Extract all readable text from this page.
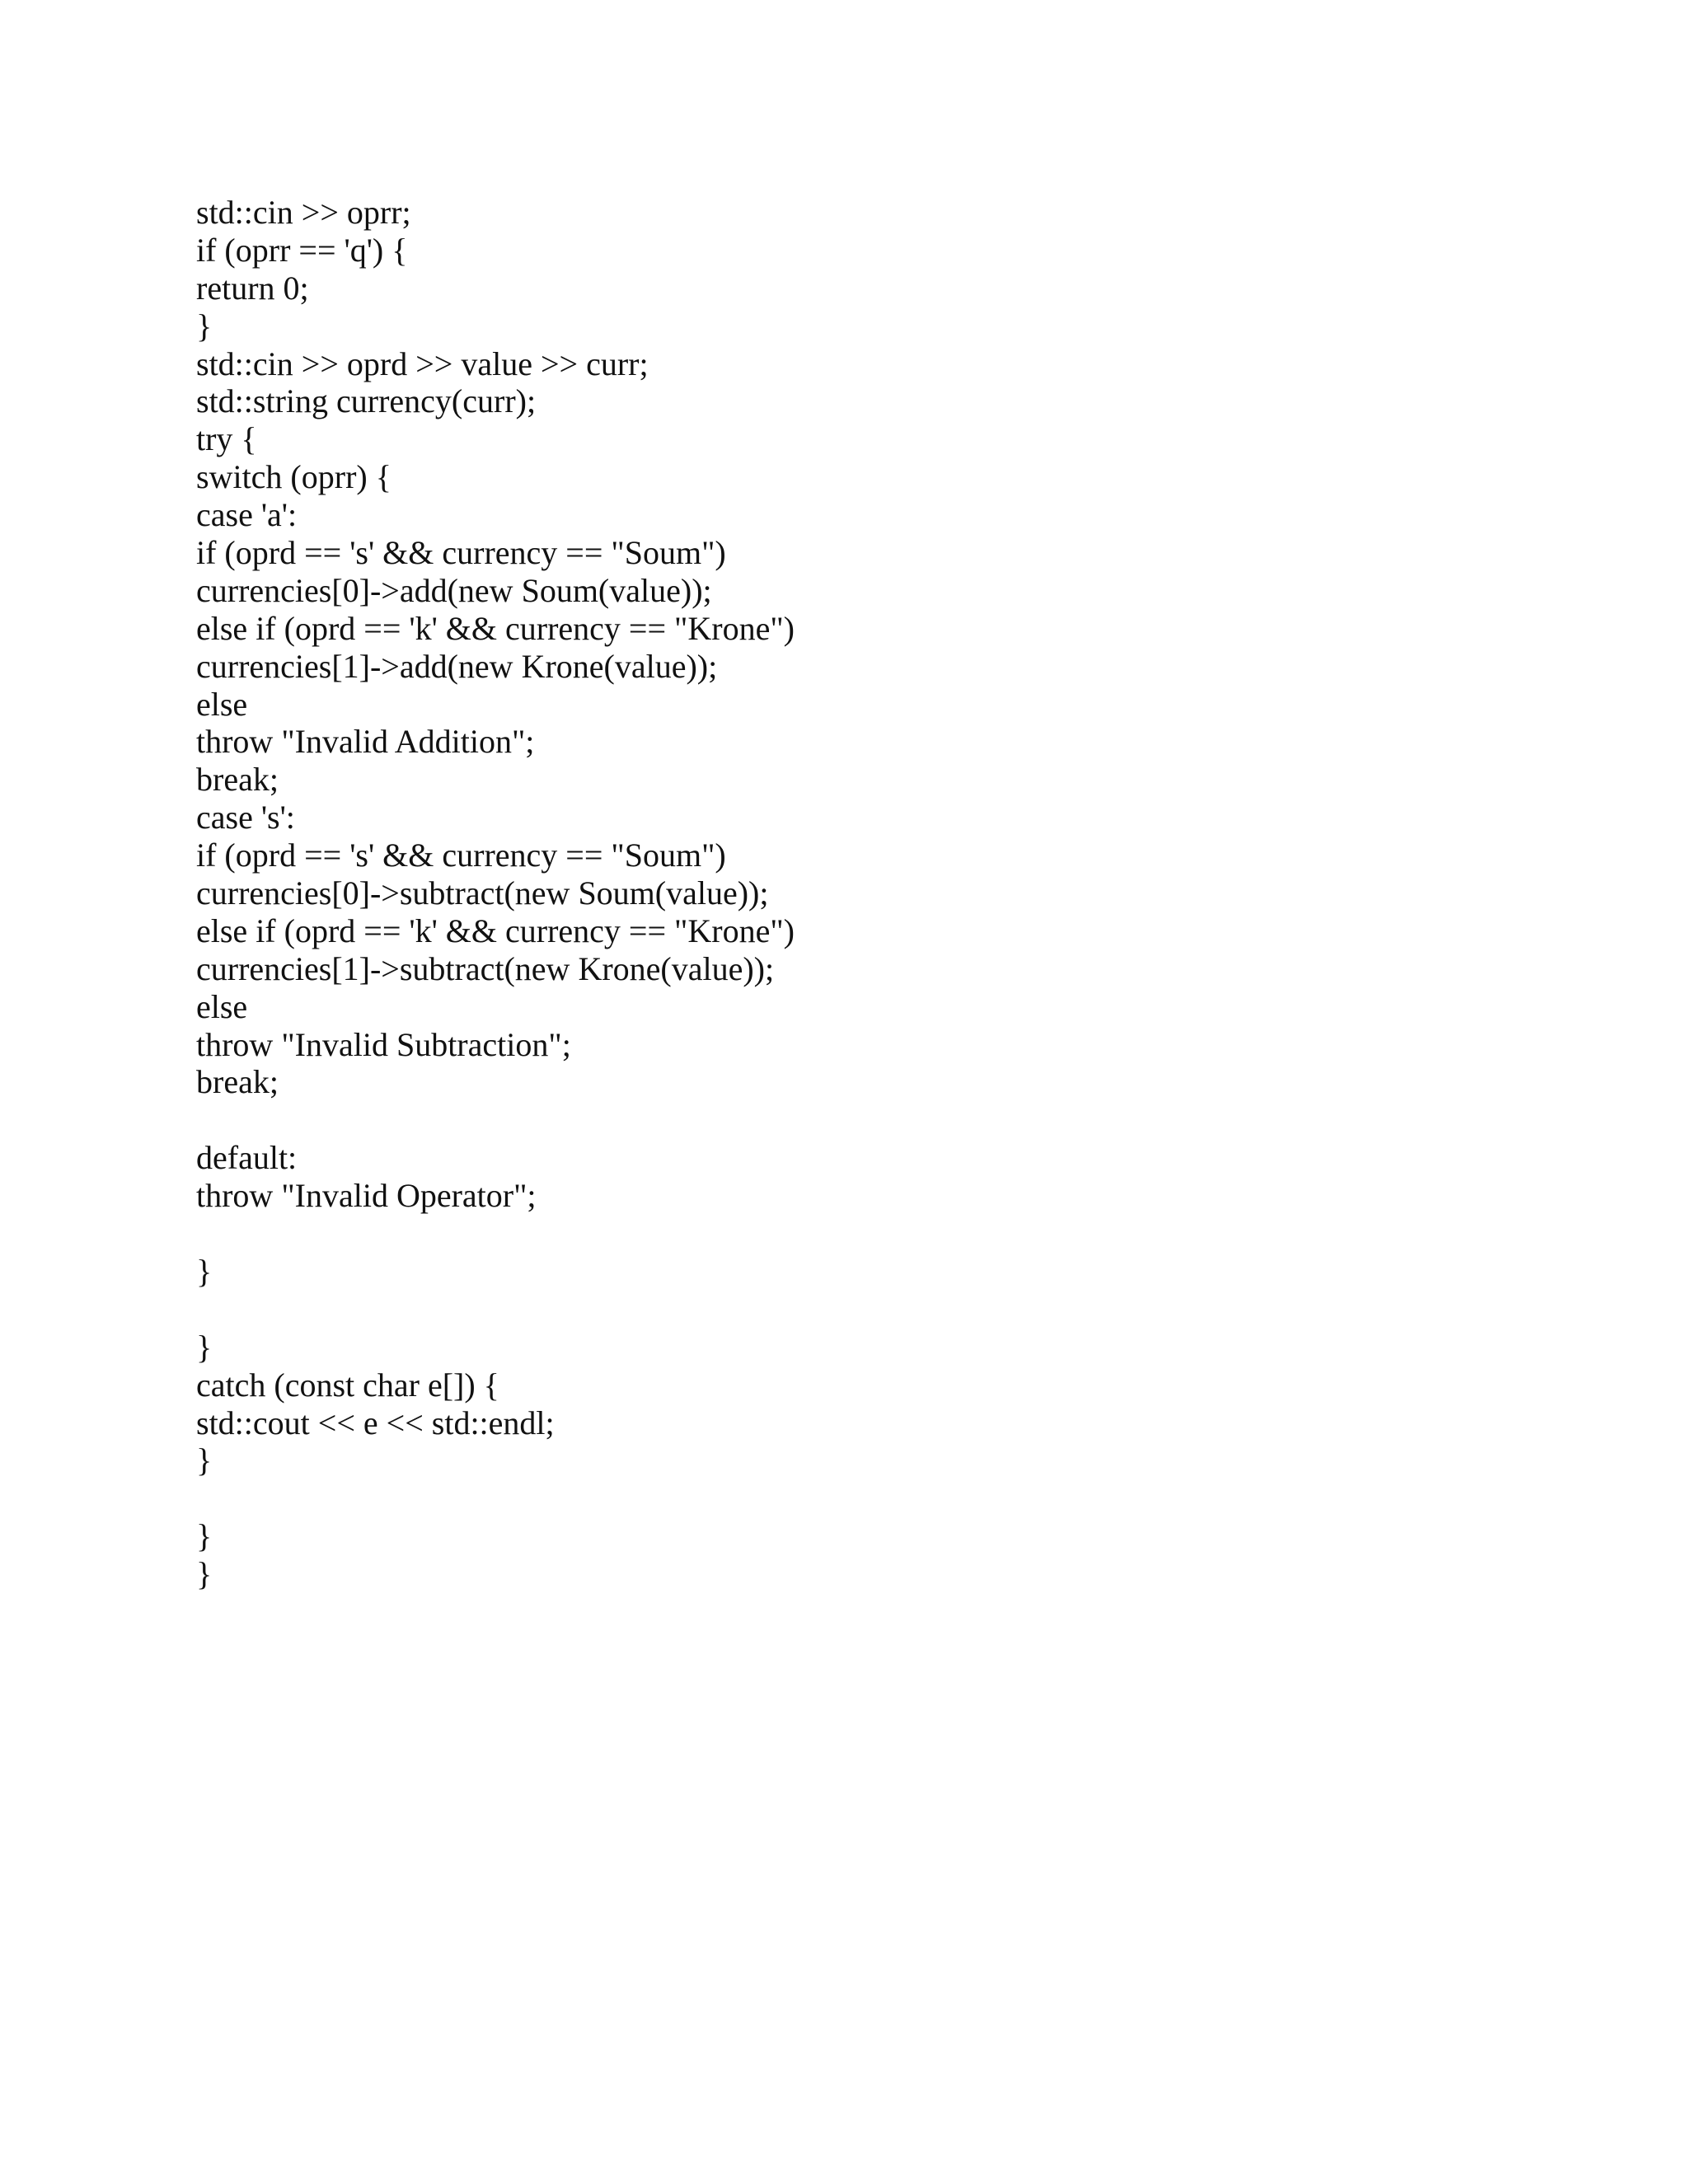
std::cin >> oprr;
if (oprr == 'q') {
return 0;
}
std::cin >> oprd >> value >> curr;
std::string currency(curr);
try {
switch (oprr) {
case 'a':
if (oprd == 's' && currency == "Soum")
currencies[0]->add(new Soum(value));
else if (oprd == 'k' && currency == "Krone")
currencies[1]->add(new Krone(value));
else
throw "Invalid Addition";
break;
case 's':
if (oprd == 's' && currency == "Soum")
currencies[0]->subtract(new Soum(value));
else if (oprd == 'k' && currency == "Krone")
currencies[1]->subtract(new Krone(value));
else
throw "Invalid Subtraction";
break;
default:
throw "Invalid Operator";
}
}
catch (const char e[]) {
std::cout << e << std::endl;
}
}
}
